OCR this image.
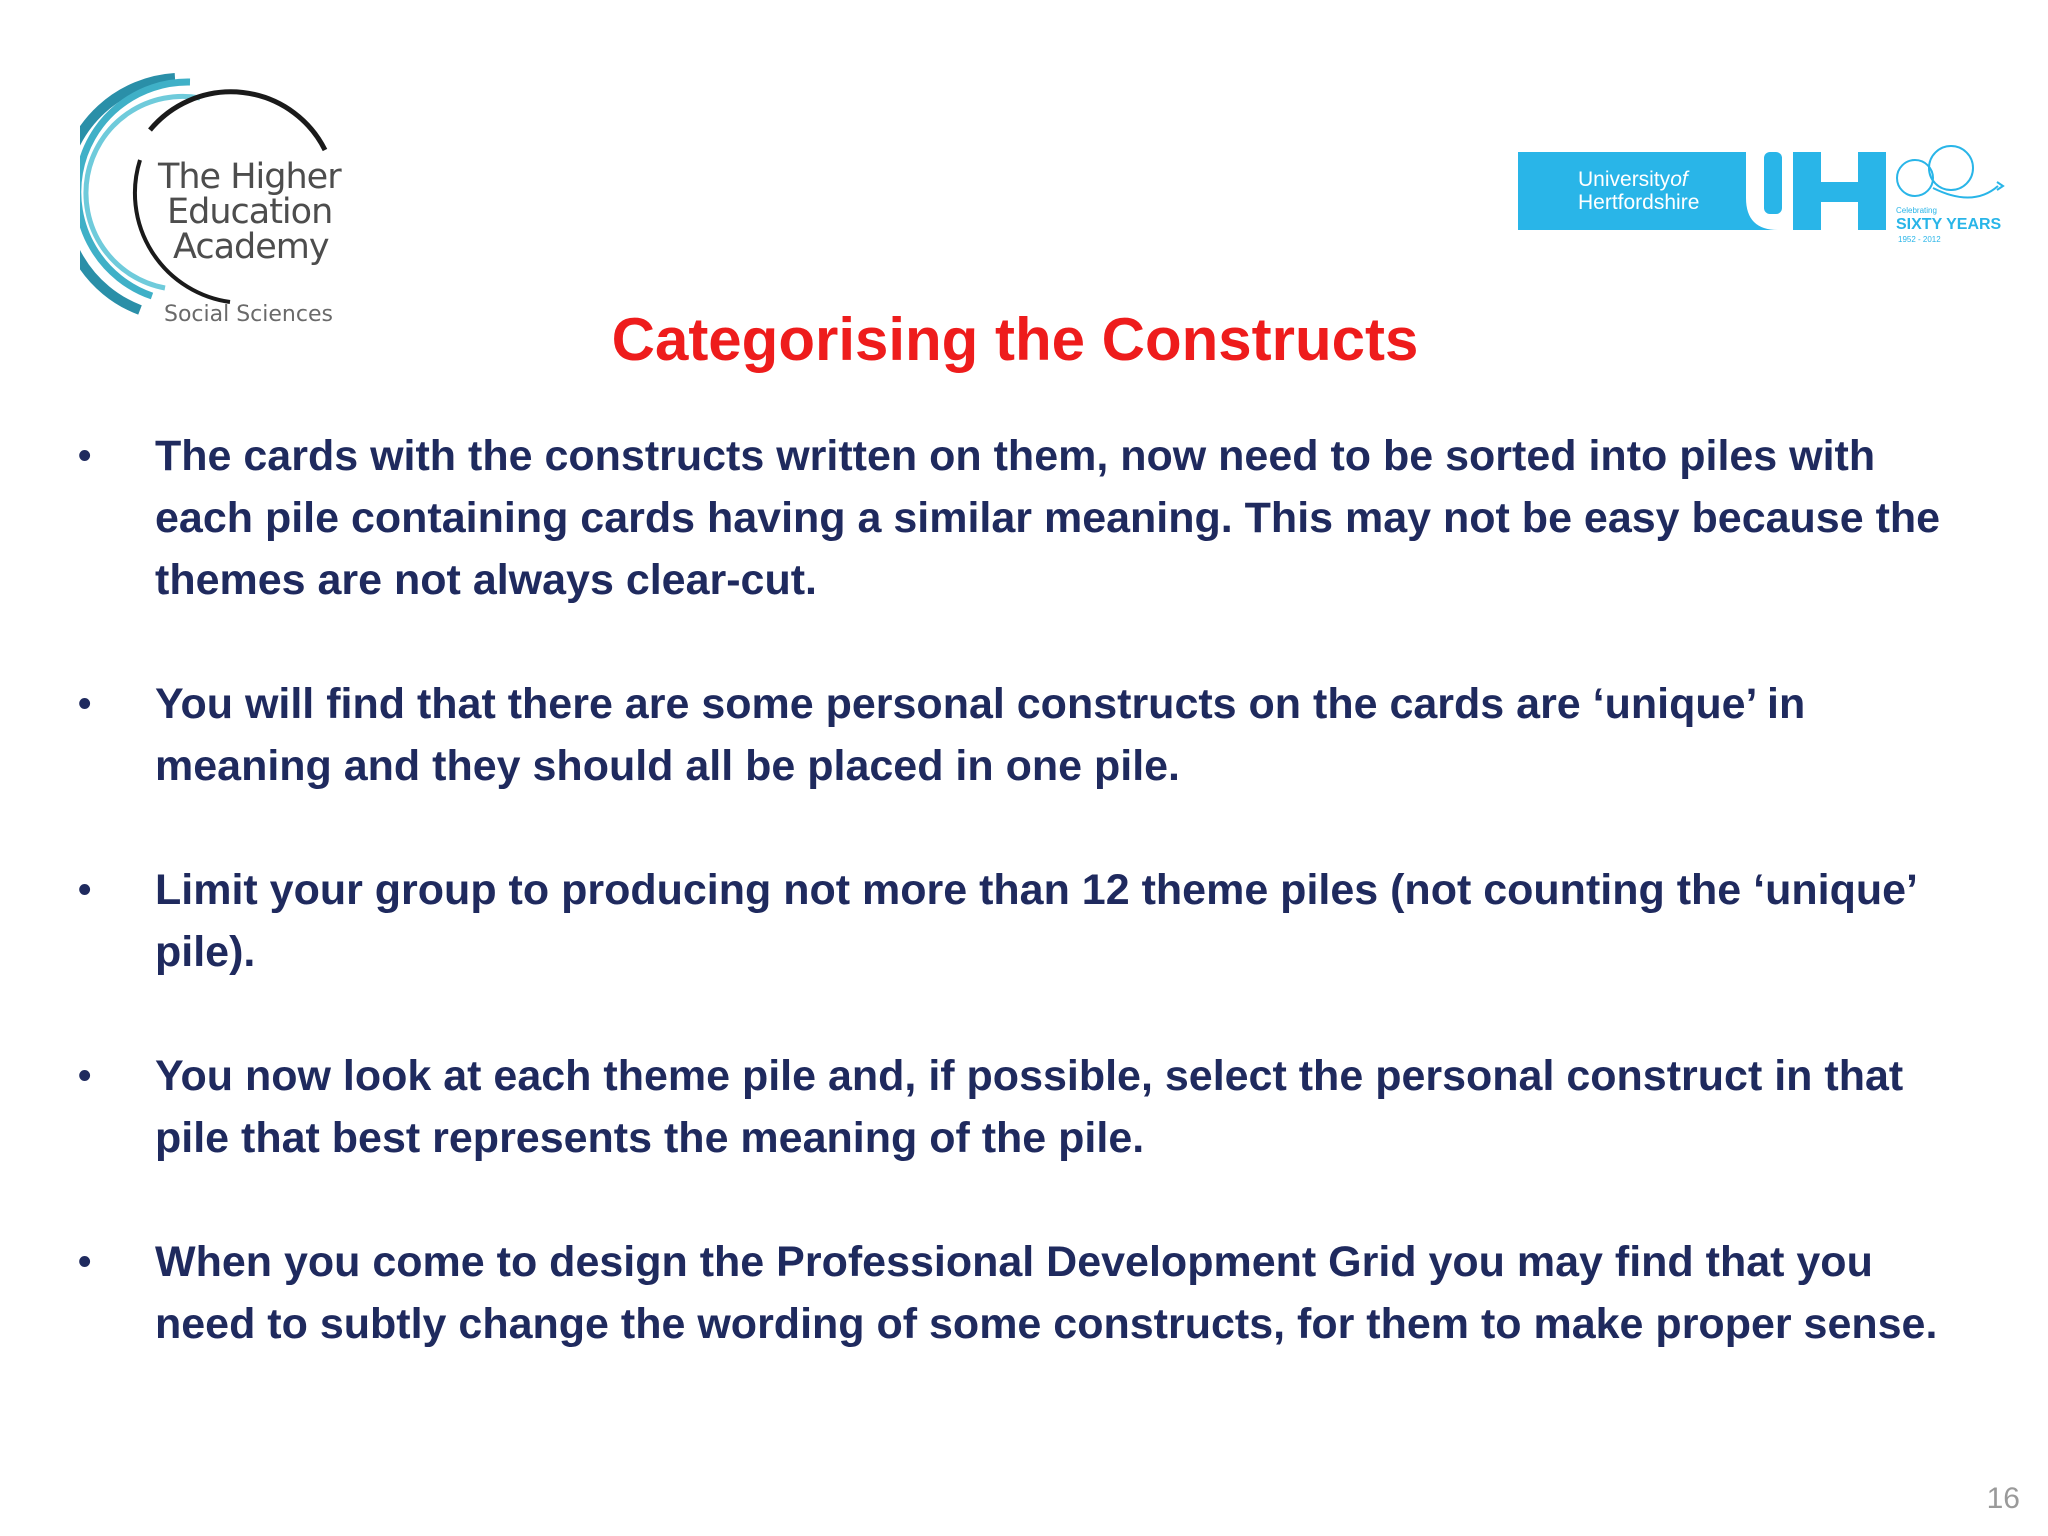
The Higher
Education
Academy
Social Sciences
Universityof
Hertfordshire	Celebrating
SIXTY YEARS
1952 - 2012
Categorising the Constructs
• The cards with the constructs written on them, now need to be sorted into piles with each pile containing cards having a similar meaning. This may not be easy because the themes are not always clear-cut.
• You will find that there are some personal constructs on the cards are ‘unique’ in meaning and they should all be placed in one pile.
• Limit your group to producing not more than 12 theme piles (not counting the ‘unique’ pile).
• You now look at each theme pile and, if possible, select the personal construct in that pile that best represents the meaning of the pile.
• When you come to design the Professional Development Grid you may find that you need to subtly change the wording of some constructs, for them to make proper sense.
16
